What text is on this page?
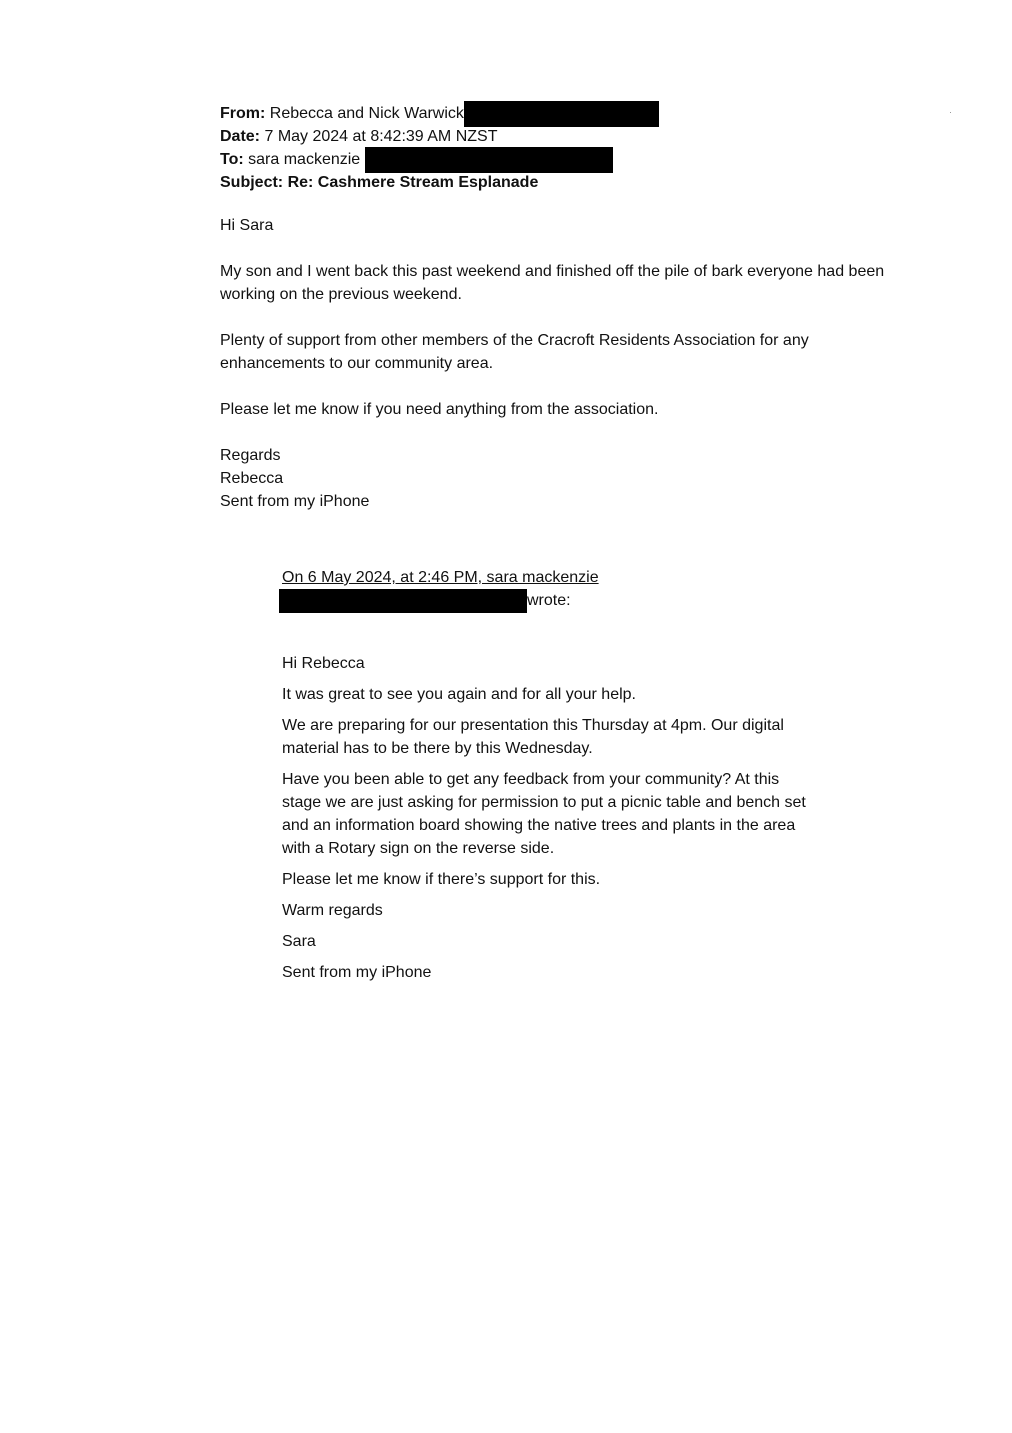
From: Rebecca and Nick Warwick
Date: 7 May 2024 at 8:42:39 AM NZST
To: sara mackenzie
Subject: Re: Cashmere Stream Esplanade

Hi Sara

My son and I went back this past weekend and finished off the pile of bark everyone had been working on the previous weekend.

Plenty of support from other members of the Cracroft Residents Association for any enhancements to our community area.

Please let me know if you need anything from the association.

Regards

Rebecca

Sent from my iPhone

On 6 May 2024, at 2:46 PM, sara mackenzie

wrote:

Hi Rebecca

It was great to see you again and for all your help.

We are preparing for our presentation this Thursday at 4pm. Our digital material has to be there by this Wednesday.

Have you been able to get any feedback from your community? At this stage we are just asking for permission to put a picnic table and bench set and an information board showing the native trees and plants in the area with a Rotary sign on the reverse side.

Please let me know if there’s support for this.

Warm regards

Sara

Sent from my iPhone
